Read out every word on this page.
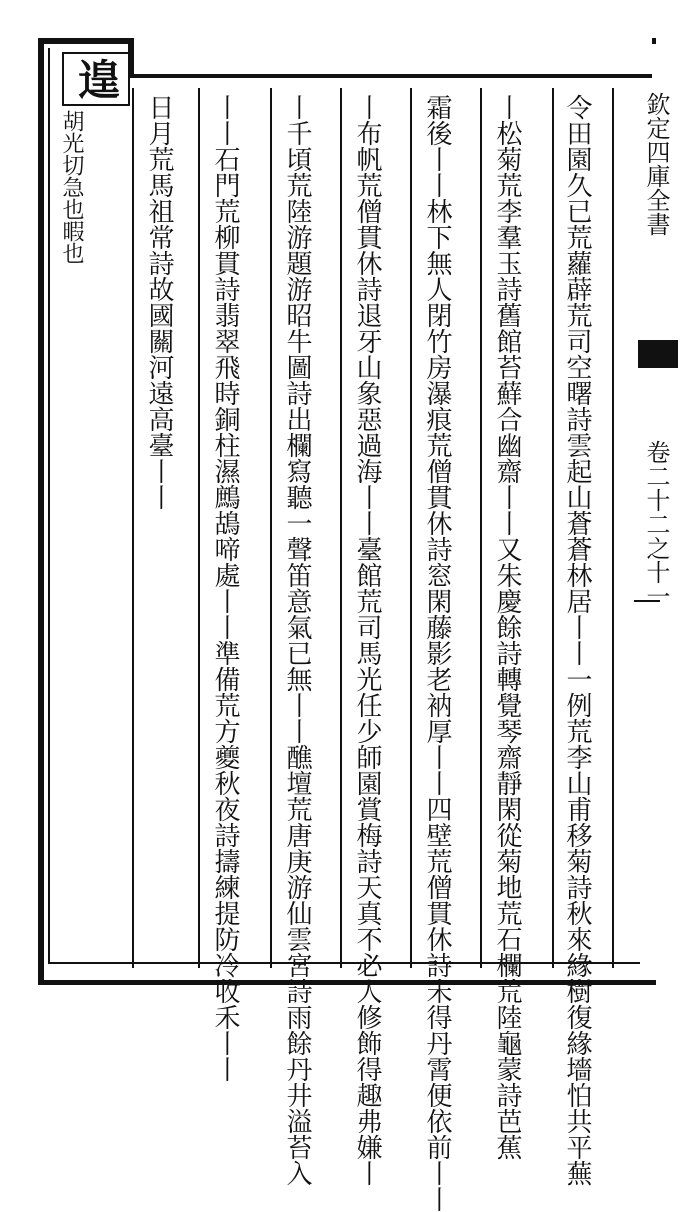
遑
胡光切急也暇也	令田園久已荒蘿薜荒司空曙詩雲起山蒼蒼林居丨丨一例荒李山甫移菊詩秋來緣樹復緣墻怕共平蕪
丨松菊荒李羣玉詩舊館苔蘚合幽齋丨丨又朱慶餘詩轉覺琴齋靜閑從菊地荒石欄荒陸龜蒙詩芭蕉
霜後丨丨林下無人閉竹房瀑痕荒僧貫休詩窓閑藤影老衲厚丨丨四壁荒僧貫休詩未得丹霄便依前丨丨
丨布帆荒僧貫休詩退牙山象惡過海丨丨臺館荒司馬光任少師園賞梅詩天真不必人修飾得趣弗嫌丨
丨千頃荒陸游題游昭牛圖詩出欄寫聽一聲笛意氣已無丨丨醮壇荒唐庚游仙雲宮詩雨餘丹井溢苔入
丨丨石門荒柳貫詩翡翠飛時銅柱濕鷓鴣啼處丨丨準備荒方夔秋夜詩擣練提防冷收禾丨丨
日月荒馬祖常詩故國關河遠高臺丨丨	欽定四庫全書
卷二十二之十一
